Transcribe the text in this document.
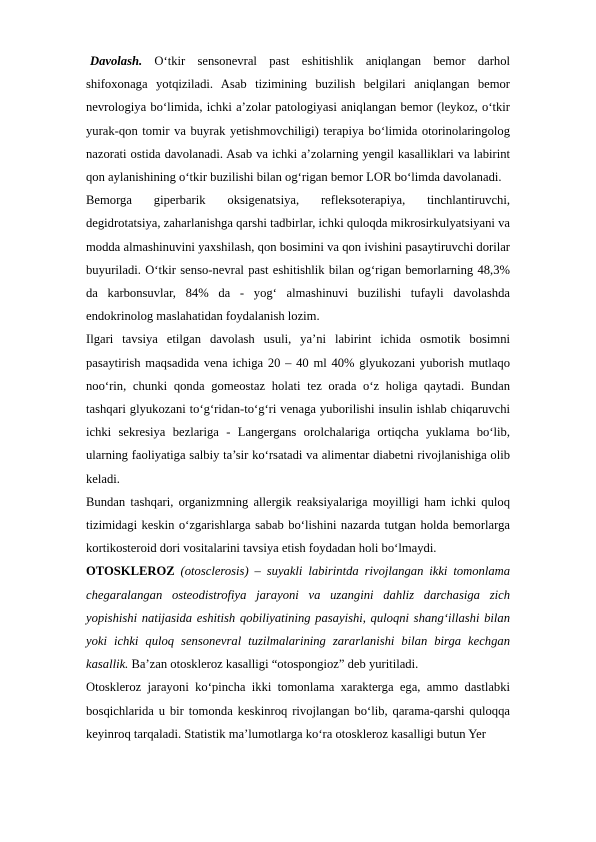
Davolash. O‘tkir sensonevral past eshitishlik aniqlangan bemor darhol shifoxonaga yotqiziladi. Asab tizimining buzilish belgilari aniqlangan bemor nevrologiya bo‘limida, ichki a’zolar patologiyasi aniqlangan bemor (leykoz, o‘tkir yurak-qon tomir va buyrak yetishmovchiligi) terapiya bo‘limida otorinolaringolog nazorati ostida davolanadi. Asab va ichki a’zolarning yengil kasalliklari va labirint qon aylanishining o‘tkir buzilishi bilan og‘rigan bemor LOR bo‘limda davolanadi.

Bemorga giperbarik oksigenatsiya, refleksoterapiya, tinchlantiruvchi, degidrotatsiya, zaharlanishga qarshi tadbirlar, ichki quloqda mikrosirkulyatsiyani va modda almashinuvini yaxshilash, qon bosimini va qon ivishini pasaytiruvchi dorilar buyuriladi. O‘tkir senso-nevral past eshitishlik bilan og‘rigan bemorlarning 48,3% da karbonsuvlar, 84% da - yog‘ almashinuvi buzilishi tufayli davolashda endokrinolog maslahatidan foydalanish lozim.

Ilgari tavsiya etilgan davolash usuli, ya’ni labirint ichida osmotik bosimni pasaytirish maqsadida vena ichiga 20 – 40 ml 40% glyukozani yuborish mutlaqo noo‘rin, chunki qonda gomeostaz holati tez orada o‘z holiga qaytadi. Bundan tashqari glyukozani to‘g‘ridan-to‘g‘ri venaga yuborilishi insulin ishlab chiqaruvchi ichki sekresiya bezlariga - Langergans orolchalariga ortiqcha yuklama bo‘lib, ularning faoliyatiga salbiy ta’sir ko‘rsatadi va alimentar diabetni rivojlanishiga olib keladi.

Bundan tashqari, organizmning allergik reaksiyalariga moyilligi ham ichki quloq tizimidagi keskin o‘zgarishlarga sabab bo‘lishini nazarda tutgan holda bemorlarga kortikosteroid dori vositalarini tavsiya etish foydadan holi bo‘lmaydi.

OTOSKLEROZ (otosclerosis) – suyakli labirintda rivojlangan ikki tomonlama chegaralangan osteodistrofiya jarayoni va uzangini dahliz darchasiga zich yopishishi natijasida eshitish qobiliyatining pasayishi, quloqni shang‘illashi bilan yoki ichki quloq sensonevral tuzilmalarining zararlanishi bilan birga kechgan kasallik. Ba’zan otoskleroz kasalligi “otospongioz” deb yuritiladi.

Otoskleroz jarayoni ko‘pincha ikki tomonlama xarakterga ega, ammo dastlabki bosqichlarida u bir tomonda keskinroq rivojlangan bo‘lib, qarama-qarshi quloqqa keyinroq tarqaladi. Statistik ma’lumotlarga ko‘ra otoskleroz kasalligi butun Yer
